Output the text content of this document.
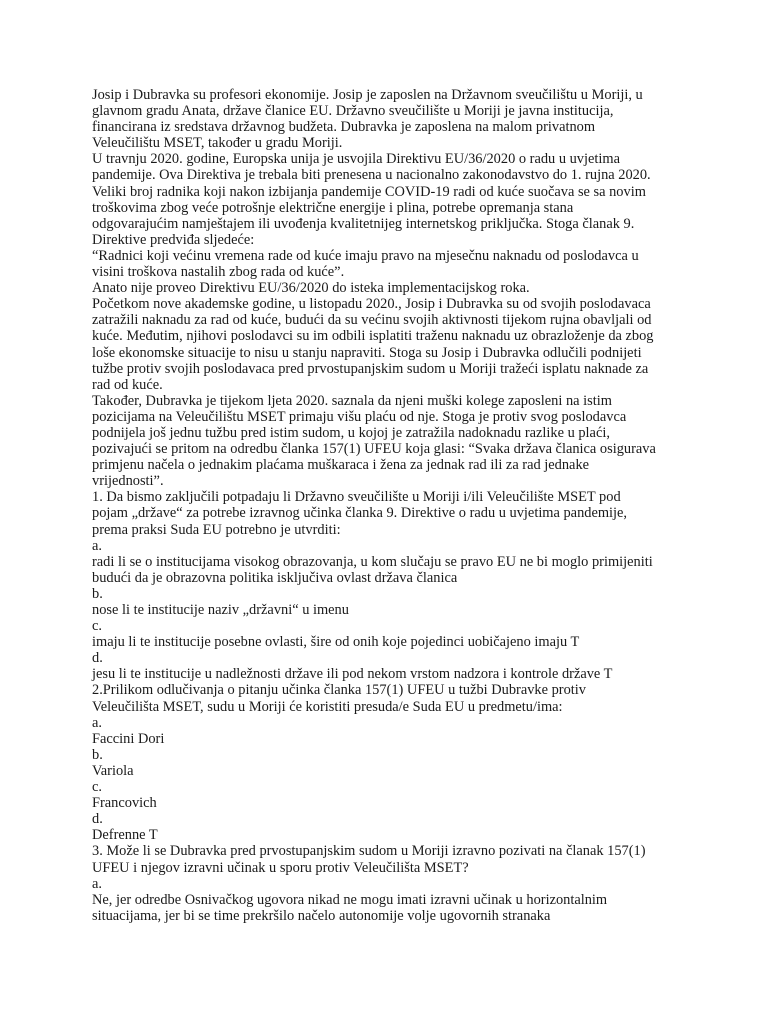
Josip i Dubravka su profesori ekonomije. Josip je zaposlen na Državnom sveučilištu u Moriji, u
glavnom gradu Anata, države članice EU. Državno sveučilište u Moriji je javna institucija,
financirana iz sredstava državnog budžeta. Dubravka je zaposlena na malom privatnom
Veleučilištu MSET, također u gradu Moriji.
U travnju 2020. godine, Europska unija je usvojila Direktivu EU/36/2020 o radu u uvjetima
pandemije. Ova Direktiva je trebala biti prenesena u nacionalno zakonodavstvo do 1. rujna 2020.
Veliki broj radnika koji nakon izbijanja pandemije COVID-19 radi od kuće suočava se sa novim
troškovima zbog veće potrošnje električne energije i plina, potrebe opremanja stana
odgovarajućim namještajem ili uvođenja kvalitetnijeg internetskog priključka. Stoga članak 9.
Direktive predviđa sljedeće:
“Radnici koji većinu vremena rade od kuće imaju pravo na mjesečnu naknadu od poslodavca u
visini troškova nastalih zbog rada od kuće”.
Anato nije proveo Direktivu EU/36/2020 do isteka implementacijskog roka.
Početkom nove akademske godine, u listopadu 2020., Josip i Dubravka su od svojih poslodavaca
zatražili naknadu za rad od kuće, budući da su većinu svojih aktivnosti tijekom rujna obavljali od
kuće. Međutim, njihovi poslodavci su im odbili isplatiti traženu naknadu uz obrazloženje da zbog
loše ekonomske situacije to nisu u stanju napraviti. Stoga su Josip i Dubravka odlučili podnijeti
tužbe protiv svojih poslodavaca pred prvostupanjskim sudom u Moriji tražeći isplatu naknade za
rad od kuće.
Također, Dubravka je tijekom ljeta 2020. saznala da njeni muški kolege zaposleni na istim
pozicijama na Veleučilištu MSET primaju višu plaću od nje. Stoga je protiv svog poslodavca
podnijela još jednu tužbu pred istim sudom, u kojoj je zatražila nadoknadu razlike u plaći,
pozivajući se pritom na odredbu članka 157(1) UFEU koja glasi: “Svaka država članica osigurava
primjenu načela o jednakim plaćama muškaraca i žena za jednak rad ili za rad jednake
vrijednosti”.
1. Da bismo zaključili potpadaju li Državno sveučilište u Moriji i/ili Veleučilište MSET pod
pojam „države“ za potrebe izravnog učinka članka 9. Direktive o radu u uvjetima pandemije,
prema praksi Suda EU potrebno je utvrditi:
a.
radi li se o institucijama visokog obrazovanja, u kom slučaju se pravo EU ne bi moglo primijeniti
budući da je obrazovna politika isključiva ovlast država članica
b.
nose li te institucije naziv „državni“ u imenu
c.
imaju li te institucije posebne ovlasti, šire od onih koje pojedinci uobičajeno imaju T
d.
jesu li te institucije u nadležnosti države ili pod nekom vrstom nadzora i kontrole države T
2.Prilikom odlučivanja o pitanju učinka članka 157(1) UFEU u tužbi Dubravke protiv
Veleučilišta MSET, sudu u Moriji će koristiti presuda/e Suda EU u predmetu/ima:
a.
Faccini Dori
b.
Variola
c.
Francovich
d.
Defrenne T
3. Može li se Dubravka pred prvostupanjskim sudom u Moriji izravno pozivati na članak 157(1)
UFEU i njegov izravni učinak u sporu protiv Veleučilišta MSET?
a.
Ne, jer odredbe Osnivačkog ugovora nikad ne mogu imati izravni učinak u horizontalnim
situacijama, jer bi se time prekršilo načelo autonomije volje ugovornih stranaka
